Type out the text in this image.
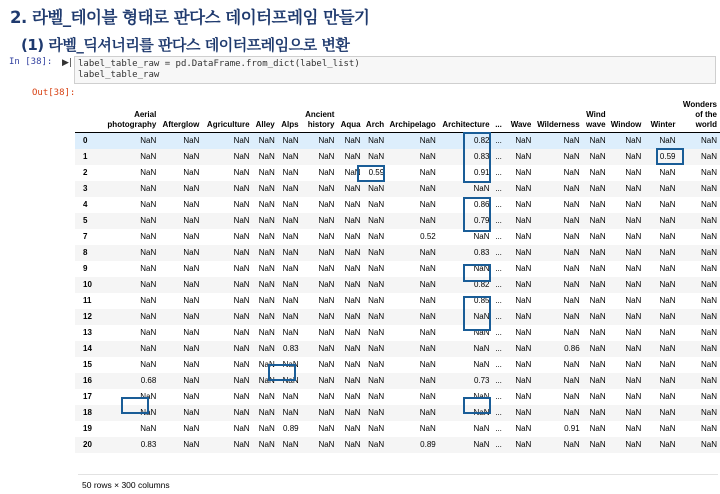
2. 라벨_테이블 형태로 판다스 데이터프레임 만들기
(1) 라벨_딕셔너리를 판다스 데이터프레임으로 변환
In [38]: ▶| label_table_raw = pd.DataFrame.from_dict(label_list)
label_table_raw
Out[38]:
	Aerial photography	Afterglow	Agriculture	Alley	Alps	Ancient history	Aqua	Arch	Archipelago	Architecture	...	Wave	Wilderness	Wind wave	Window	Winter	Wonders of the world
0	NaN	NaN	NaN	NaN	NaN	NaN	NaN	NaN	NaN	0.82	...	NaN	NaN	NaN	NaN	NaN	NaN
1	NaN	NaN	NaN	NaN	NaN	NaN	NaN	NaN	NaN	0.83	...	NaN	NaN	NaN	NaN	0.59	NaN
2	NaN	NaN	NaN	NaN	NaN	NaN	NaN	0.59	NaN	0.91	...	NaN	NaN	NaN	NaN	NaN	NaN
3	NaN	NaN	NaN	NaN	NaN	NaN	NaN	NaN	NaN	NaN	...	NaN	NaN	NaN	NaN	NaN	NaN
4	NaN	NaN	NaN	NaN	NaN	NaN	NaN	NaN	NaN	0.86	...	NaN	NaN	NaN	NaN	NaN	NaN
5	NaN	NaN	NaN	NaN	NaN	NaN	NaN	NaN	NaN	0.79	...	NaN	NaN	NaN	NaN	NaN	NaN
7	NaN	NaN	NaN	NaN	NaN	NaN	NaN	NaN	0.52	NaN	...	NaN	NaN	NaN	NaN	NaN	NaN
8	NaN	NaN	NaN	NaN	NaN	NaN	NaN	NaN	NaN	0.83	...	NaN	NaN	NaN	NaN	NaN	NaN
9	NaN	NaN	NaN	NaN	NaN	NaN	NaN	NaN	NaN	NaN	...	NaN	NaN	NaN	NaN	NaN	NaN
10	NaN	NaN	NaN	NaN	NaN	NaN	NaN	NaN	NaN	0.82	...	NaN	NaN	NaN	NaN	NaN	NaN
11	NaN	NaN	NaN	NaN	NaN	NaN	NaN	NaN	NaN	0.85	...	NaN	NaN	NaN	NaN	NaN	NaN
12	NaN	NaN	NaN	NaN	NaN	NaN	NaN	NaN	NaN	NaN	...	NaN	NaN	NaN	NaN	NaN	NaN
13	NaN	NaN	NaN	NaN	NaN	NaN	NaN	NaN	NaN	NaN	...	NaN	NaN	NaN	NaN	NaN	NaN
14	NaN	NaN	NaN	NaN	0.83	NaN	NaN	NaN	NaN	NaN	...	NaN	0.86	NaN	NaN	NaN	NaN
15	NaN	NaN	NaN	NaN	NaN	NaN	NaN	NaN	NaN	NaN	...	NaN	NaN	NaN	NaN	NaN	NaN
16	0.68	NaN	NaN	NaN	NaN	NaN	NaN	NaN	NaN	0.73	...	NaN	NaN	NaN	NaN	NaN	NaN
17	NaN	NaN	NaN	NaN	NaN	NaN	NaN	NaN	NaN	NaN	...	NaN	NaN	NaN	NaN	NaN	NaN
18	NaN	NaN	NaN	NaN	NaN	NaN	NaN	NaN	NaN	NaN	...	NaN	NaN	NaN	NaN	NaN	NaN
19	NaN	NaN	NaN	NaN	0.89	NaN	NaN	NaN	NaN	NaN	...	NaN	0.91	NaN	NaN	NaN	NaN
20	0.83	NaN	NaN	NaN	NaN	NaN	NaN	NaN	0.89	NaN	...	NaN	NaN	NaN	NaN	NaN	NaN
50 rows × 300 columns
